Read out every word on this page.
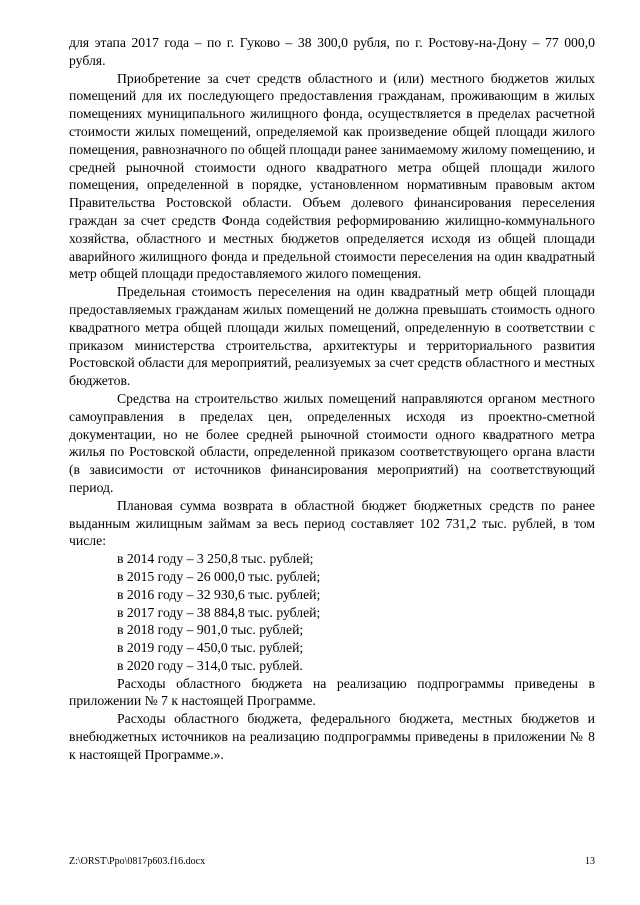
для этапа 2017 года – по г. Гуково – 38 300,0 рубля, по г. Ростову-на-Дону – 77 000,0 рубля.

Приобретение за счет средств областного и (или) местного бюджетов жилых помещений для их последующего предоставления гражданам, проживающим в жилых помещениях муниципального жилищного фонда, осуществляется в пределах расчетной стоимости жилых помещений, определяемой как произведение общей площади жилого помещения, равнозначного по общей площади ранее занимаемому жилому помещению, и средней рыночной стоимости одного квадратного метра общей площади жилого помещения, определенной в порядке, установленном нормативным правовым актом Правительства Ростовской области. Объем долевого финансирования переселения граждан за счет средств Фонда содействия реформированию жилищно-коммунального хозяйства, областного и местных бюджетов определяется исходя из общей площади аварийного жилищного фонда и предельной стоимости переселения на один квадратный метр общей площади предоставляемого жилого помещения.

Предельная стоимость переселения на один квадратный метр общей площади предоставляемых гражданам жилых помещений не должна превышать стоимость одного квадратного метра общей площади жилых помещений, определенную в соответствии с приказом министерства строительства, архитектуры и территориального развития Ростовской области для мероприятий, реализуемых за счет средств областного и местных бюджетов.

Средства на строительство жилых помещений направляются органом местного самоуправления в пределах цен, определенных исходя из проектно-сметной документации, но не более средней рыночной стоимости одного квадратного метра жилья по Ростовской области, определенной приказом соответствующего органа власти (в зависимости от источников финансирования мероприятий) на соответствующий период.

Плановая сумма возврата в областной бюджет бюджетных средств по ранее выданным жилищным займам за весь период составляет 102 731,2 тыс. рублей, в том числе:

в 2014 году – 3 250,8 тыс. рублей;

в 2015 году – 26 000,0 тыс. рублей;

в 2016 году – 32 930,6 тыс. рублей;

в 2017 году – 38 884,8 тыс. рублей;

в 2018 году – 901,0 тыс. рублей;

в 2019 году – 450,0 тыс. рублей;

в 2020 году – 314,0 тыс. рублей.

Расходы областного бюджета на реализацию подпрограммы приведены в приложении № 7 к настоящей Программе.

Расходы областного бюджета, федерального бюджета, местных бюджетов и внебюджетных источников на реализацию подпрограммы приведены в приложении № 8 к настоящей Программе.».

Z:\ORST\Ppo\0817p603.f16.docx	13
